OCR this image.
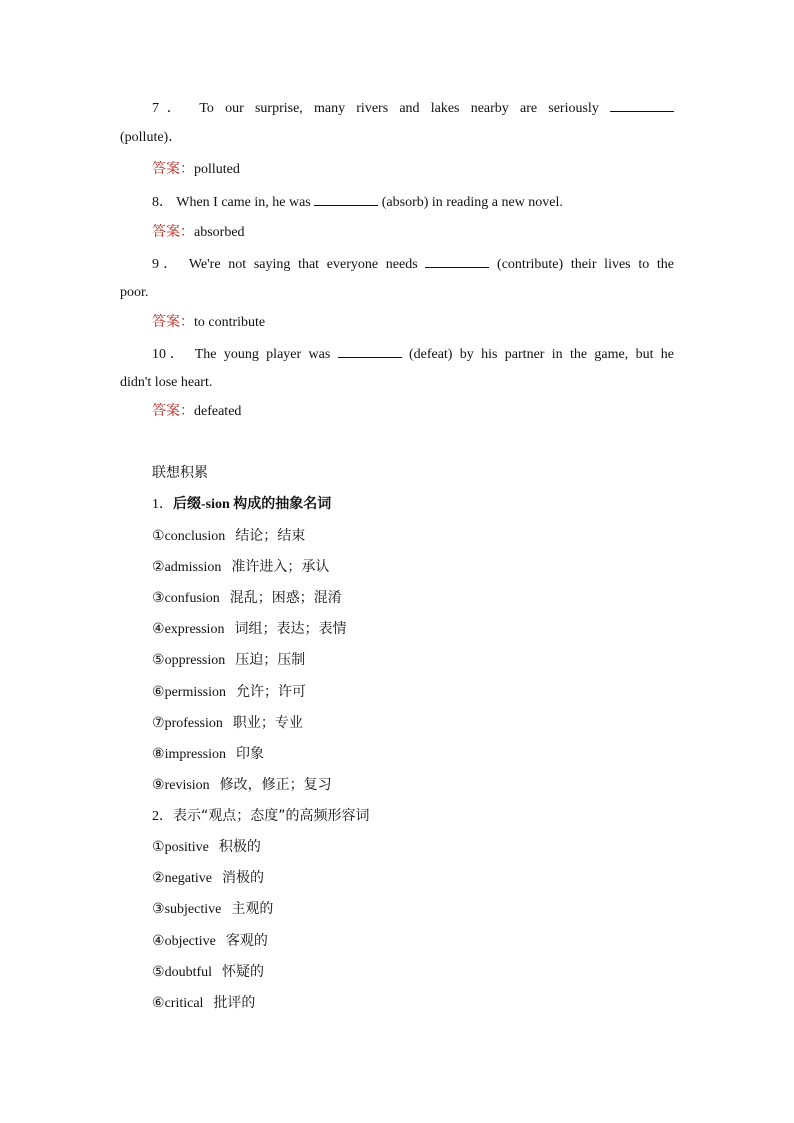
7． To our surprise, many rivers and lakes nearby are seriously
(pollute)．
答案：polluted
8． When I came in, he was	(absorb) in reading a new novel.
答案：absorbed
9． We're not saying that everyone needs	(contribute) their lives to the
poor.
答案：to contribute
10． The young player was	(defeat) by his partner in the game, but he
didn't lose heart.
答案：defeated
联想积累
1．后缀-sion 构成的抽象名词
①conclusion 结论；结束
②admission 准许进入；承认
③confusion 混乱；困惑；混淆
④expression 词组；表达；表情
⑤oppression 压迫；压制
⑥permission 允许；许可
⑦profession 职业；专业
⑧impression 印象
⑨revision 修改，修正；复习
2．表示“观点；态度”的高频形容词
①positive 积极的
②negative 消极的
③subjective 主观的
④objective 客观的
⑤doubtful 怀疑的
⑥critical 批评的
